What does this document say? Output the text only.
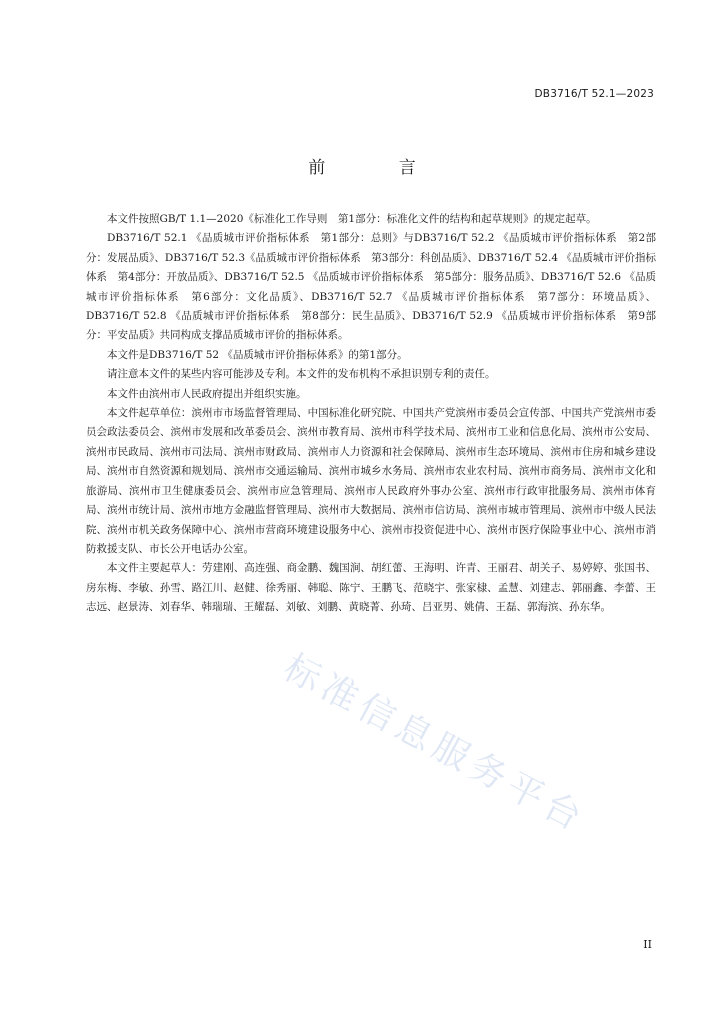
DB3716/T 52.1—2023
前 言

本文件按照GB/T 1.1—2020《标准化工作导则　第1部分：标准化文件的结构和起草规则》的规定起草。

DB3716/T 52.1 《品质城市评价指标体系　第1部分：总则》与DB3716/T 52.2 《品质城市评价指标体系　第2部分：发展品质》、DB3716/T 52.3《品质城市评价指标体系　第3部分：科创品质》、DB3716/T 52.4 《品质城市评价指标体系　第4部分：开放品质》、DB3716/T 52.5 《品质城市评价指标体系　第5部分：服务品质》、DB3716/T 52.6 《品质城市评价指标体系　第6部分：文化品质》、DB3716/T 52.7 《品质城市评价指标体系　第7部分：环境品质》、DB3716/T 52.8 《品质城市评价指标体系　第8部分：民生品质》、DB3716/T 52.9 《品质城市评价指标体系　第9部分：平安品质》共同构成支撑品质城市评价的指标体系。

本文件是DB3716/T 52 《品质城市评价指标体系》的第1部分。

请注意本文件的某些内容可能涉及专利。本文件的发布机构不承担识别专利的责任。

本文件由滨州市人民政府提出并组织实施。

本文件起草单位：滨州市市场监督管理局、中国标准化研究院、中国共产党滨州市委员会宣传部、中国共产党滨州市委员会政法委员会、滨州市发展和改革委员会、滨州市教育局、滨州市科学技术局、滨州市工业和信息化局、滨州市公安局、滨州市民政局、滨州市司法局、滨州市财政局、滨州市人力资源和社会保障局、滨州市生态环境局、滨州市住房和城乡建设局、滨州市自然资源和规划局、滨州市交通运输局、滨州市城乡水务局、滨州市农业农村局、滨州市商务局、滨州市文化和旅游局、滨州市卫生健康委员会、滨州市应急管理局、滨州市人民政府外事办公室、滨州市行政审批服务局、滨州市体育局、滨州市统计局、滨州市地方金融监督管理局、滨州市大数据局、滨州市信访局、滨州市城市管理局、滨州市中级人民法院、滨州市机关政务保障中心、滨州市营商环境建设服务中心、滨州市投资促进中心、滨州市医疗保险事业中心、滨州市消防救援支队、市长公开电话办公室。

本文件主要起草人：劳建刚、高连强、商金鹏、魏国涧、胡红蕾、王海明、许青、王丽君、胡关子、易婷婷、张国书、房东梅、李敏、孙雪、路江川、赵健、徐秀丽、韩聪、陈宁、王鹏飞、范晓宇、张家棣、孟慧、刘建志、郭丽鑫、李蕾、王志远、赵景涛、刘春华、韩瑞瑞、王耀磊、刘敏、刘鹏、黄晓菁、孙琦、吕亚男、姚倩、王磊、郭海滨、孙东华。

标准信息服务平台
II
